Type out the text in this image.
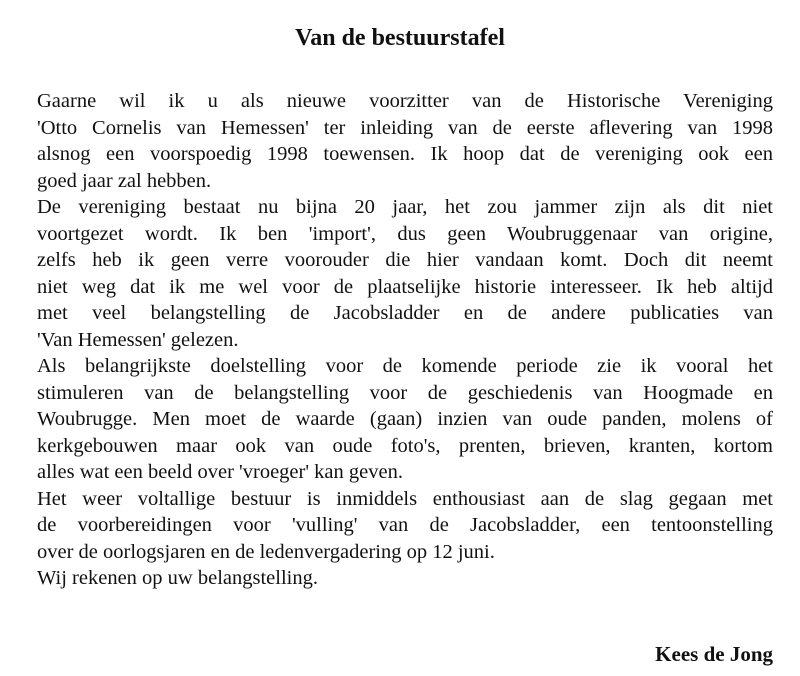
Van de bestuurstafel

Gaarne wil ik u als nieuwe voorzitter van de Historische Vereniging
'Otto Cornelis van Hemessen' ter inleiding van de eerste aflevering van 1998
alsnog een voorspoedig 1998 toewensen. Ik hoop dat de vereniging ook een
goed jaar zal hebben.

De vereniging bestaat nu bijna 20 jaar, het zou jammer zijn als dit niet
voortgezet wordt. Ik ben 'import', dus geen Woubruggenaar van origine,
zelfs heb ik geen verre voorouder die hier vandaan komt. Doch dit neemt
niet weg dat ik me wel voor de plaatselijke historie interesseer. Ik heb altijd
met veel belangstelling de Jacobsladder en de andere publicaties van
'Van Hemessen' gelezen.

Als belangrijkste doelstelling voor de komende periode zie ik vooral het
stimuleren van de belangstelling voor de geschiedenis van Hoogmade en
Woubrugge. Men moet de waarde (gaan) inzien van oude panden, molens of
kerkgebouwen maar ook van oude foto's, prenten, brieven, kranten, kortom
alles wat een beeld over 'vroeger' kan geven.

Het weer voltallige bestuur is inmiddels enthousiast aan de slag gegaan met
de voorbereidingen voor 'vulling' van de Jacobsladder, een tentoonstelling
over de oorlogsjaren en de ledenvergadering op 12 juni.

Wij rekenen op uw belangstelling.

Kees de Jong
